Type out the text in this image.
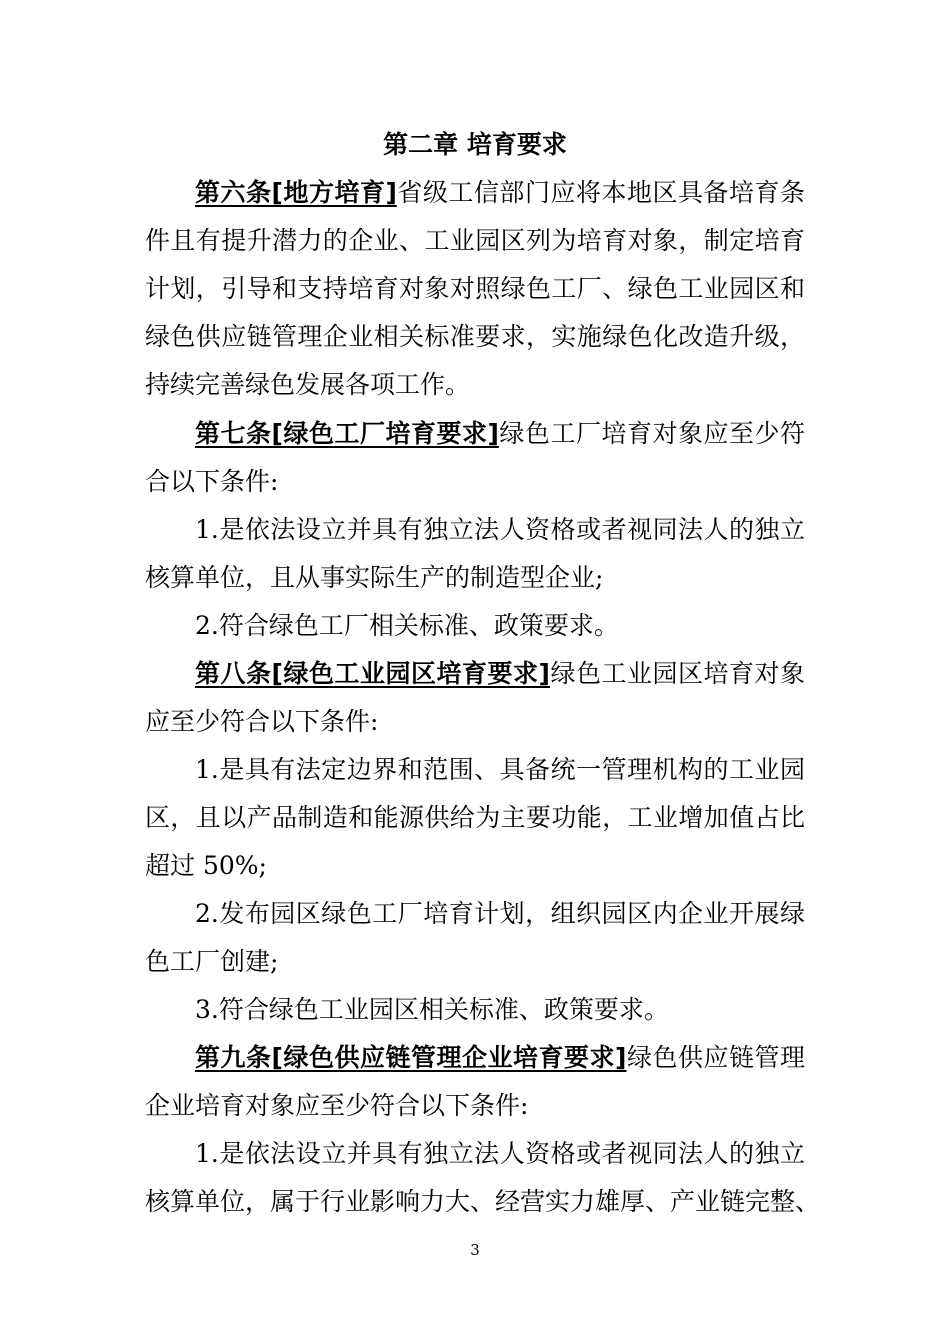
第二章 培育要求
第六条[地方培育]省级工信部门应将本地区具备培育条
件且有提升潜力的企业、工业园区列为培育对象，制定培育
计划，引导和支持培育对象对照绿色工厂、绿色工业园区和
绿色供应链管理企业相关标准要求，实施绿色化改造升级，
持续完善绿色发展各项工作。
第七条[绿色工厂培育要求]绿色工厂培育对象应至少符
合以下条件:
1.是依法设立并具有独立法人资格或者视同法人的独立
核算单位，且从事实际生产的制造型企业;
2.符合绿色工厂相关标准、政策要求。
第八条[绿色工业园区培育要求]绿色工业园区培育对象
应至少符合以下条件:
1.是具有法定边界和范围、具备统一管理机构的工业园
区，且以产品制造和能源供给为主要功能，工业增加值占比
超过 50%;
2.发布园区绿色工厂培育计划，组织园区内企业开展绿
色工厂创建;
3.符合绿色工业园区相关标准、政策要求。
第九条[绿色供应链管理企业培育要求]绿色供应链管理
企业培育对象应至少符合以下条件:
1.是依法设立并具有独立法人资格或者视同法人的独立
核算单位，属于行业影响力大、经营实力雄厚、产业链完整、
3
